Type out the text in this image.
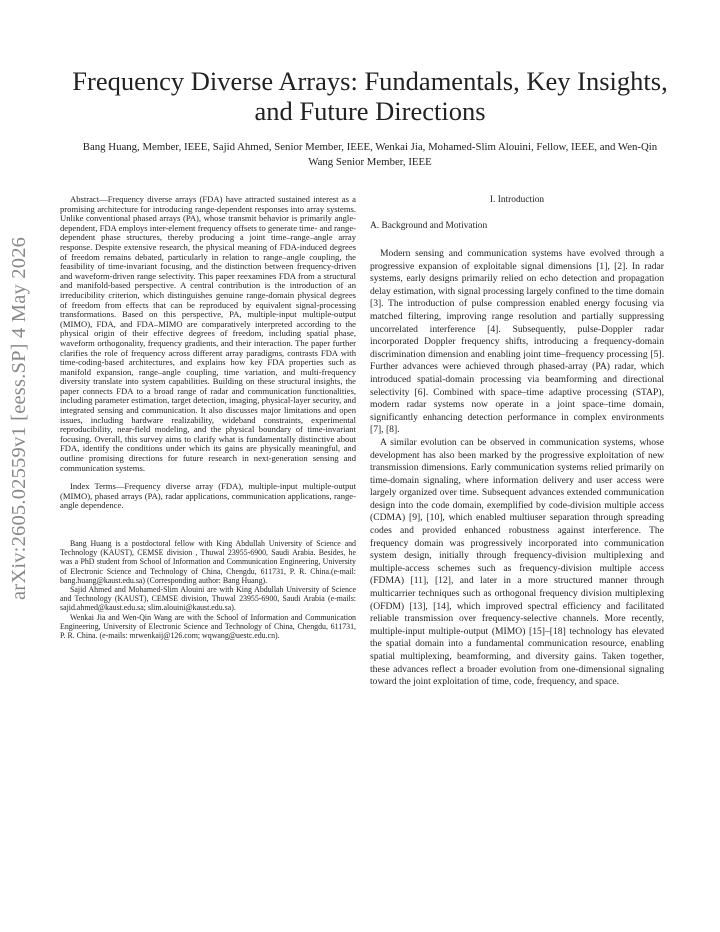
arXiv:2605.02559v1 [eess.SP] 4 May 2026
Frequency Diverse Arrays: Fundamentals, Key Insights, and Future Directions
Bang Huang, Member, IEEE, Sajid Ahmed, Senior Member, IEEE, Wenkai Jia, Mohamed-Slim Alouini, Fellow, IEEE, and Wen-Qin Wang Senior Member, IEEE

Abstract—Frequency diverse arrays (FDA) have attracted sustained interest as a promising architecture for introducing range-dependent responses into array systems. Unlike conventional phased arrays (PA), whose transmit behavior is primarily angle-dependent, FDA employs inter-element frequency offsets to generate time- and range-dependent phase structures, thereby producing a joint time–range–angle array response. Despite extensive research, the physical meaning of FDA-induced degrees of freedom remains debated, particularly in relation to range–angle coupling, the feasibility of time-invariant focusing, and the distinction between frequency-driven and waveform-driven range selectivity. This paper reexamines FDA from a structural and manifold-based perspective. A central contribution is the introduction of an irreducibility criterion, which distinguishes genuine range-domain physical degrees of freedom from effects that can be reproduced by equivalent signal-processing transformations. Based on this perspective, PA, multiple-input multiple-output (MIMO), FDA, and FDA–MIMO are comparatively interpreted according to the physical origin of their effective degrees of freedom, including spatial phase, waveform orthogonality, frequency gradients, and their interaction. The paper further clarifies the role of frequency across different array paradigms, contrasts FDA with time-coding-based architectures, and explains how key FDA properties such as manifold expansion, range–angle coupling, time variation, and multi-frequency diversity translate into system capabilities. Building on these structural insights, the paper connects FDA to a broad range of radar and communication functionalities, including parameter estimation, target detection, imaging, physical-layer security, and integrated sensing and communication. It also discusses major limitations and open issues, including hardware realizability, wideband constraints, experimental reproducibility, near-field modeling, and the physical boundary of time-invariant focusing. Overall, this survey aims to clarify what is fundamentally distinctive about FDA, identify the conditions under which its gains are physically meaningful, and outline promising directions for future research in next-generation sensing and communication systems.

Index Terms—Frequency diverse array (FDA), multiple-input multiple-output (MIMO), phased arrays (PA), radar applications, communication applications, range-angle dependence.

Bang Huang is a postdoctoral fellow with King Abdullah University of Science and Technology (KAUST), CEMSE division , Thuwal 23955-6900, Saudi Arabia. Besides, he was a PhD student from School of Information and Communication Engineering, University of Electronic Science and Technology of China, Chengdu, 611731, P. R. China.(e-mail: bang.huang@kaust.edu.sa) (Corresponding author: Bang Huang).

Sajid Ahmed and Mohamed-Slim Alouini are with King Abdullah University of Science and Technology (KAUST), CEMSE division, Thuwal 23955-6900, Saudi Arabia (e-mails: sajid.ahmed@kaust.edu.sa; slim.alouini@kaust.edu.sa).

Wenkai Jia and Wen-Qin Wang are with the School of Information and Communication Engineering, University of Electronic Science and Technology of China, Chengdu, 611731, P. R. China. (e-mails: mrwenkaij@126.com; wqwang@uestc.edu.cn).

I. Introduction

A. Background and Motivation

Modern sensing and communication systems have evolved through a progressive expansion of exploitable signal dimensions [1], [2]. In radar systems, early designs primarily relied on echo detection and propagation delay estimation, with signal processing largely confined to the time domain [3]. The introduction of pulse compression enabled energy focusing via matched filtering, improving range resolution and partially suppressing uncorrelated interference [4]. Subsequently, pulse-Doppler radar incorporated Doppler frequency shifts, introducing a frequency-domain discrimination dimension and enabling joint time–frequency processing [5]. Further advances were achieved through phased-array (PA) radar, which introduced spatial-domain processing via beamforming and directional selectivity [6]. Combined with space–time adaptive processing (STAP), modern radar systems now operate in a joint space–time domain, significantly enhancing detection performance in complex environments [7], [8].

A similar evolution can be observed in communication systems, whose development has also been marked by the progressive exploitation of new transmission dimensions. Early communication systems relied primarily on time-domain signaling, where information delivery and user access were largely organized over time. Subsequent advances extended communication design into the code domain, exemplified by code-division multiple access (CDMA) [9], [10], which enabled multiuser separation through spreading codes and provided enhanced robustness against interference. The frequency domain was progressively incorporated into communication system design, initially through frequency-division multiplexing and multiple-access schemes such as frequency-division multiple access (FDMA) [11], [12], and later in a more structured manner through multicarrier techniques such as orthogonal frequency division multiplexing (OFDM) [13], [14], which improved spectral efficiency and facilitated reliable transmission over frequency-selective channels. More recently, multiple-input multiple-output (MIMO) [15]–[18] technology has elevated the spatial domain into a fundamental communication resource, enabling spatial multiplexing, beamforming, and diversity gains. Taken together, these advances reflect a broader evolution from one-dimensional signaling toward the joint exploitation of time, code, frequency, and space.
